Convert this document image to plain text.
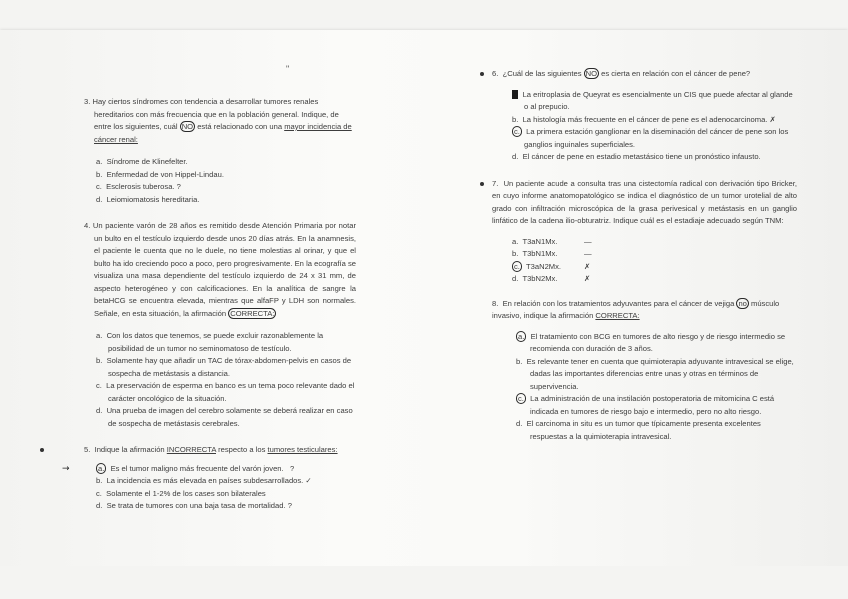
"

3. Hay ciertos síndromes con tendencia a desarrollar tumores renales hereditarios con más frecuencia que en la población general. Indique, de entre los siguientes, cuál NO está relacionado con una mayor incidencia de cáncer renal:

a. Síndrome de Klinefelter.
b. Enfermedad de von Hippel-Lindau.
c. Esclerosis tuberosa. ?
d. Leiomiomatosis hereditaria.

4. Un paciente varón de 28 años es remitido desde Atención Primaria por notar un bulto en el testículo izquierdo desde unos 20 días atrás. En la anamnesis, el paciente le cuenta que no le duele, no tiene molestias al orinar, y que el bulto ha ido creciendo poco a poco, pero progresivamente. En la ecografía se visualiza una masa dependiente del testículo izquierdo de 24 x 31 mm, de aspecto heterogéneo y con calcificaciones. En la analítica de sangre la betaHCG se encuentra elevada, mientras que alfaFP y LDH son normales. Señale, en esta situación, la afirmación CORRECTA:

a. Con los datos que tenemos, se puede excluir razonablemente la posibilidad de un tumor no seminomatoso de testículo.
b. Solamente hay que añadir un TAC de tórax-abdomen-pelvis en casos de sospecha de metástasis a distancia.
c. La preservación de esperma en banco es un tema poco relevante dado el carácter oncológico de la situación.
d. Una prueba de imagen del cerebro solamente se deberá realizar en caso de sospecha de metástasis cerebrales.

5. Indique la afirmación INCORRECTA respecto a los tumores testiculares:

→	a. Es el tumor maligno más frecuente del varón joven. ?
b. La incidencia es más elevada en países subdesarrollados. ✓
c. Solamente el 1-2% de los cases son bilaterales
d. Se trata de tumores con una baja tasa de mortalidad. ?

6. ¿Cuál de las siguientes NO es cierta en relación con el cáncer de pene?

a. La eritroplasia de Queyrat es esencialmente un CIS que puede afectar al glande o al prepucio.
b. La histología más frecuente en el cáncer de pene es el adenocarcinoma. ✗
c. La primera estación ganglionar en la diseminación del cáncer de pene son los ganglios inguinales superficiales.
d. El cáncer de pene en estadio metastásico tiene un pronóstico infausto.

7. Un paciente acude a consulta tras una cistectomía radical con derivación tipo Bricker, en cuyo informe anatomopatológico se indica el diagnóstico de un tumor urotelial de alto grado con infiltración microscópica de la grasa perivesical y metástasis en un ganglio linfático de la cadena ilio-obturatriz. Indique cuál es el estadiaje adecuado según TNM:

a. T3aN1Mx.	—
b. T3bN1Mx.	—
c. T3aN2Mx.	✗
d. T3bN2Mx.	✗

8. En relación con los tratamientos adyuvantes para el cáncer de vejiga no músculo invasivo, indique la afirmación CORRECTA:

a. El tratamiento con BCG en tumores de alto riesgo y de riesgo intermedio se recomienda con duración de 3 años.
b. Es relevante tener en cuenta que quimioterapia adyuvante intravesical se elige, dadas las importantes diferencias entre unas y otras en términos de supervivencia.
c. La administración de una instilación postoperatoria de mitomicina C está indicada en tumores de riesgo bajo e intermedio, pero no alto riesgo.
d. El carcinoma in situ es un tumor que típicamente presenta excelentes respuestas a la quimioterapia intravesical.
